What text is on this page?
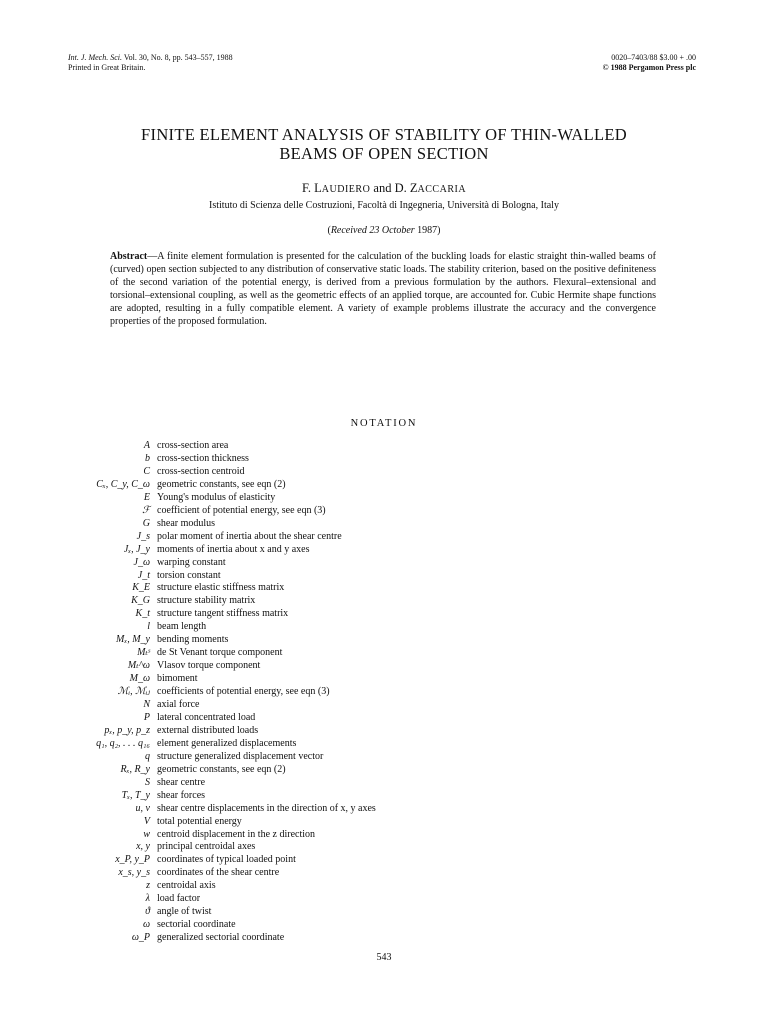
Int. J. Mech. Sci. Vol. 30, No. 8, pp. 543–557, 1988
Printed in Great Britain.
0020–7403/88 $3.00 + .00
© 1988 Pergamon Press plc
FINITE ELEMENT ANALYSIS OF STABILITY OF THIN-WALLED
BEAMS OF OPEN SECTION
F. LAUDIERO and D. ZACCARIA
Istituto di Scienza delle Costruzioni, Facoltà di Ingegneria, Università di Bologna, Italy
(Received 23 October 1987)
Abstract—A finite element formulation is presented for the calculation of the buckling loads for elastic straight thin-walled beams of (curved) open section subjected to any distribution of conservative static loads. The stability criterion, based on the positive definiteness of the second variation of the potential energy, is derived from a previous formulation by the authors. Flexural–extensional and torsional–extensional coupling, as well as the geometric effects of an applied torque, are accounted for. Cubic Hermite shape functions are adopted, resulting in a fully compatible element. A variety of example problems illustrate the accuracy and the convergence properties of the proposed formulation.
NOTATION
A cross-section area
b cross-section thickness
C cross-section centroid
Cₓ, C_y, C_ω geometric constants, see eqn (2)
E Young's modulus of elasticity
ℱ coefficient of potential energy, see eqn (3)
G shear modulus
J_s polar moment of inertia about the shear centre
Jₓ, J_y moments of inertia about x and y axes
J_ω warping constant
J_t torsion constant
K_E structure elastic stiffness matrix
K_G structure stability matrix
K_t structure tangent stiffness matrix
l beam length
Mₓ, M_y bending moments
Mₜˢ de St Venant torque component
Mₜ^ω Vlasov torque component
M_ω bimoment
ℳᵢ, ℳᵢⱼ coefficients of potential energy, see eqn (3)
N axial force
P lateral concentrated load
pₓ, p_y, p_z external distributed loads
q₁, q₂, . . . q₁₆ element generalized displacements
q structure generalized displacement vector
Rₓ, R_y geometric constants, see eqn (2)
S shear centre
Tₓ, T_y shear forces
u, v shear centre displacements in the direction of x, y axes
V total potential energy
w centroid displacement in the z direction
x, y principal centroidal axes
x_P, y_P coordinates of typical loaded point
x_s, y_s coordinates of the shear centre
z centroidal axis
λ load factor
ϑ angle of twist
ω sectorial coordinate
ω_P generalized sectorial coordinate
543
